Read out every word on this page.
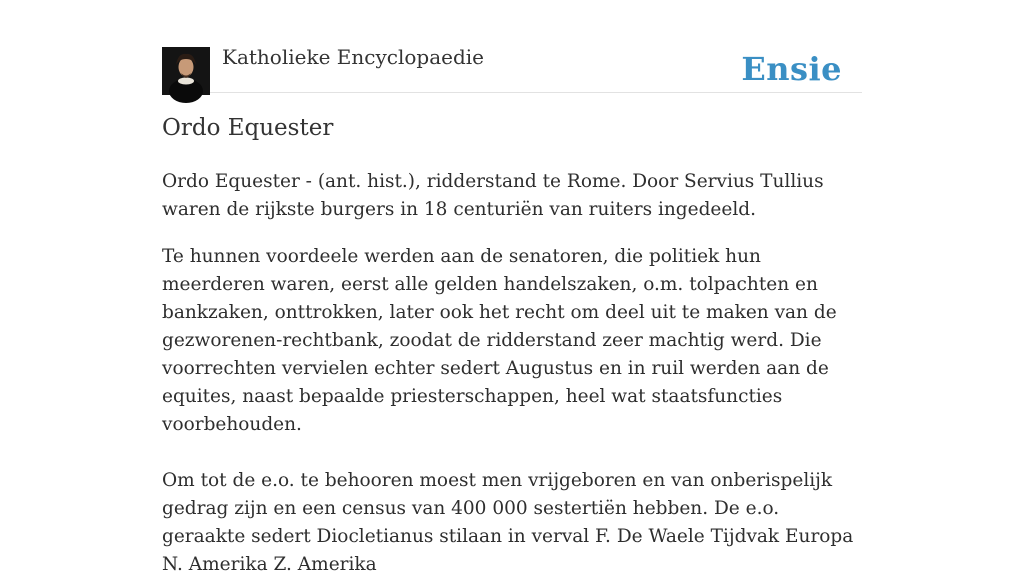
Katholieke Encyclopaedie	Ensie
Ordo Equester

Ordo Equester - (ant. hist.), ridderstand te Rome. Door Servius Tullius waren de rijkste burgers in 18 centuriën van ruiters ingedeeld.

Te hunnen voordeele werden aan de senatoren, die politiek hun meerderen waren, eerst alle gelden handelszaken, o.m. tolpachten en bankzaken, onttrokken, later ook het recht om deel uit te maken van de gezworenen-rechtbank, zoodat de ridderstand zeer machtig werd. Die voorrechten vervielen echter sedert Augustus en in ruil werden aan de equites, naast bepaalde priesterschappen, heel wat staatsfuncties voorbehouden.

Om tot de e.o. te behooren moest men vrijgeboren en van onberispelijk gedrag zijn en een census van 400 000 sestertiën hebben. De e.o. geraakte sedert Diocletianus stilaan in verval F. De Waele Tijdvak Europa N. Amerika Z. Amerika
